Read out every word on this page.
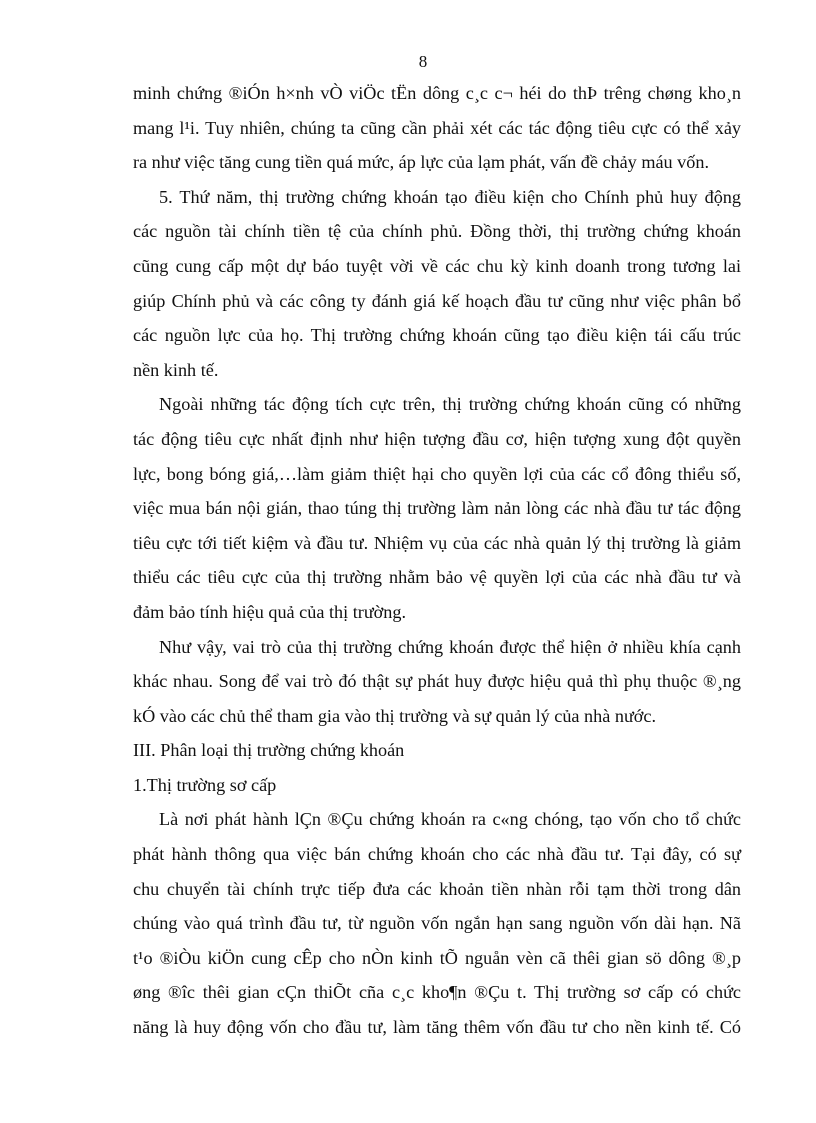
8
minh chứng ®iÓn h×nh vÒ viÖc tËn dông c¸c c¬ héi do thÞ trêng chøng kho¸n
mang l¹i. Tuy nhiên, chúng ta cũng cần phải xét các tác động tiêu cực có thể xảy
ra như việc tăng cung tiền quá mức, áp lực của lạm phát, vấn đề chảy máu vốn.
5. Thứ năm, thị trường chứng khoán tạo điều kiện cho Chính phủ huy động
các nguồn tài chính tiền tệ của chính phủ. Đồng thời, thị trường chứng khoán
cũng cung cấp một dự báo tuyệt vời về các chu kỳ kinh doanh trong tương lai
giúp Chính phủ và các công ty đánh giá kế hoạch đầu tư cũng như việc phân bổ
các nguồn lực của họ. Thị trường chứng khoán cũng tạo điều kiện tái cấu trúc
nền kinh tế.
Ngoài những tác động tích cực trên, thị trường chứng khoán cũng có những
tác động tiêu cực nhất định như hiện tượng đầu cơ, hiện tượng xung đột quyền
lực, bong bóng giá,…làm giảm thiệt hại cho quyền lợi của các cổ đông thiểu số,
việc mua bán nội gián, thao túng thị trường làm nản lòng các nhà đầu tư tác động
tiêu cực tới tiết kiệm và đầu tư. Nhiệm vụ của các nhà quản lý thị trường là giảm
thiểu các tiêu cực của thị trường nhằm bảo vệ quyền lợi của các nhà đầu tư và
đảm bảo tính hiệu quả của thị trường.
Như vậy, vai trò của thị trường chứng khoán được thể hiện ở nhiều khía cạnh
khác nhau. Song để vai trò đó thật sự phát huy được hiệu quả thì phụ thuộc ®¸ng
kÓ vào các chủ thể tham gia vào thị trường và sự quản lý của nhà nước.
III. Phân loại thị trường chứng khoán
1.Thị trường sơ cấp
Là nơi phát hành lÇn ®Çu chứng khoán ra c«ng chóng, tạo vốn cho tổ chức
phát hành thông qua việc bán chứng khoán cho các nhà đầu tư. Tại đây, có sự
chu chuyển tài chính trực tiếp đưa các khoản tiền nhàn rỗi tạm thời trong dân
chúng vào quá trình đầu tư, từ nguồn vốn ngắn hạn sang nguồn vốn dài hạn. Nã
t¹o ®iÒu kiÖn cung cÊp cho nÒn kinh tÕ nguån vèn cã thêi gian sö dông ®¸p
øng ®îc thêi gian cÇn thiÕt cña c¸c kho¶n ®Çu t. Thị trường sơ cấp có chức
năng là huy động vốn cho đầu tư, làm tăng thêm vốn đầu tư cho nền kinh tế. Có
